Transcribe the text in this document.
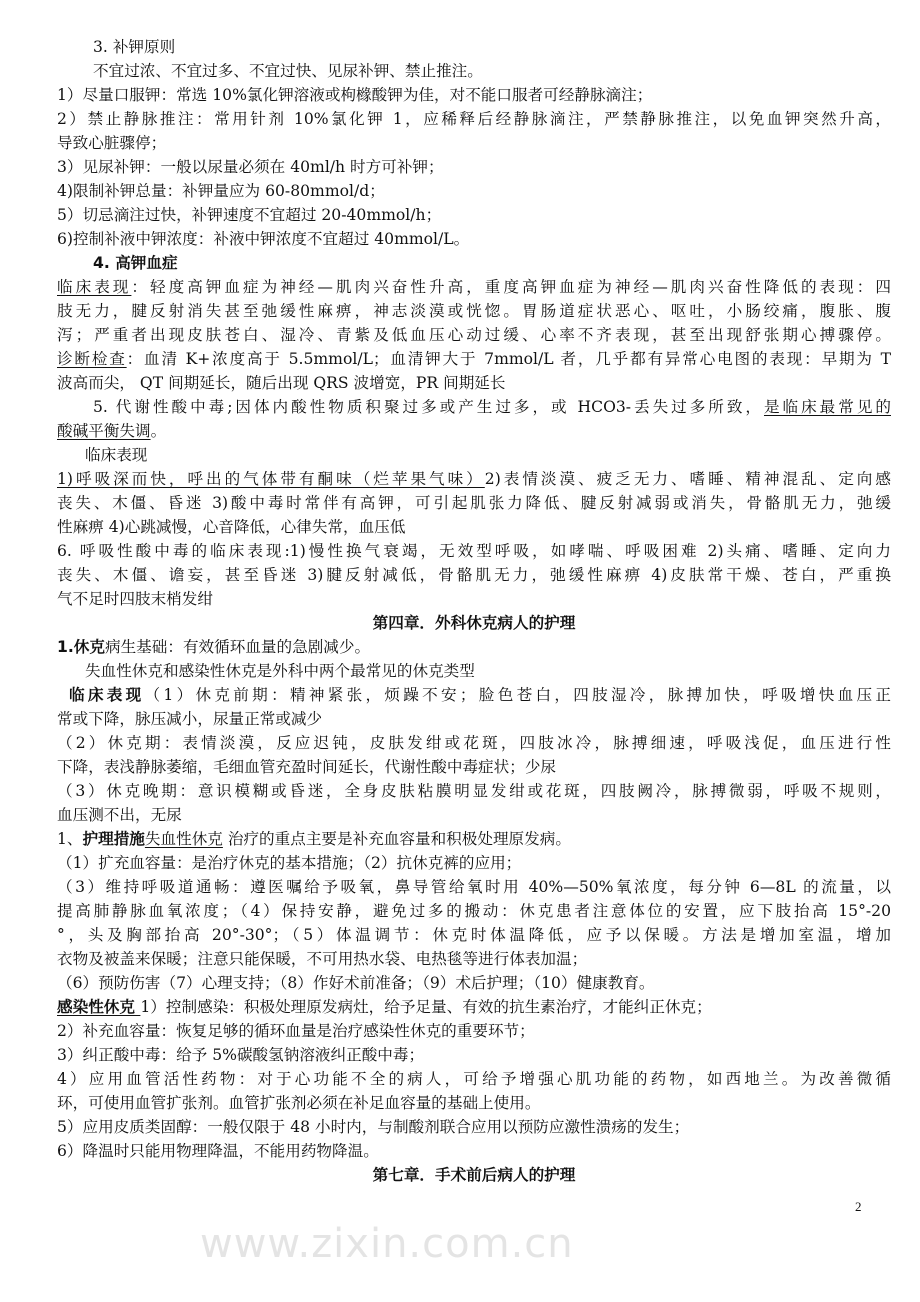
3. 补钾原则
不宜过浓、不宜过多、不宜过快、见尿补钾、禁止推注。
1）尽量口服钾：常选 10%氯化钾溶液或枸橼酸钾为佳，对不能口服者可经静脉滴注；
2）禁止静脉推注：常用针剂 10%氯化钾 1，应稀释后经静脉滴注，严禁静脉推注，以免血钾突然升高，
导致心脏骤停；
3）见尿补钾：一般以尿量必须在 40ml/h 时方可补钾；
4)限制补钾总量：补钾量应为 60-80mmol/d；
5）切忌滴注过快，补钾速度不宜超过 20-40mmol/h；
6)控制补液中钾浓度：补液中钾浓度不宜超过 40mmol/L。
4. 高钾血症
临床表现：轻度高钾血症为神经—肌肉兴奋性升高，重度高钾血症为神经—肌肉兴奋性降低的表现：四
肢无力，腱反射消失甚至弛缓性麻痹，神志淡漠或恍惚。胃肠道症状恶心、呕吐，小肠绞痛，腹胀、腹
泻；严重者出现皮肤苍白、湿冷、青紫及低血压心动过缓、心率不齐表现，甚至出现舒张期心搏骤停。
诊断检查：血清 K+浓度高于 5.5mmol/L；血清钾大于 7mmol/L 者，几乎都有异常心电图的表现：早期为 T
波高而尖， QT 间期延长，随后出现 QRS 波增宽，PR 间期延长
5. 代谢性酸中毒;因体内酸性物质积聚过多或产生过多，或 HCO3-丢失过多所致，是临床最常见的
酸碱平衡失调。
临床表现
1)呼吸深而快，呼出的气体带有酮味（烂苹果气味）2)表情淡漠、疲乏无力、嗜睡、精神混乱、定向感
丧失、木僵、昏迷 3)酸中毒时常伴有高钾，可引起肌张力降低、腱反射减弱或消失，骨骼肌无力，弛缓
性麻痹 4)心跳减慢，心音降低，心律失常，血压低
6. 呼吸性酸中毒的临床表现:1)慢性换气衰竭，无效型呼吸，如哮喘、呼吸困难 2)头痛、嗜睡、定向力
丧失、木僵、谵妄，甚至昏迷 3)腱反射减低，骨骼肌无力，弛缓性麻痹 4)皮肤常干燥、苍白，严重换
气不足时四肢末梢发绀
第四章．外科休克病人的护理
1.休克病生基础：有效循环血量的急剧减少。
失血性休克和感染性休克是外科中两个最常见的休克类型
临床表现（1）休克前期：精神紧张，烦躁不安；脸色苍白，四肢湿冷，脉搏加快，呼吸增快血压正
常或下降，脉压减小，尿量正常或减少
（2）休克期：表情淡漠，反应迟钝，皮肤发绀或花斑，四肢冰冷，脉搏细速，呼吸浅促，血压进行性
下降，表浅静脉萎缩，毛细血管充盈时间延长，代谢性酸中毒症状；少尿
（3）休克晚期：意识模糊或昏迷，全身皮肤粘膜明显发绀或花斑，四肢阙冷，脉搏微弱，呼吸不规则，
血压测不出，无尿
1、护理措施失血性休克 治疗的重点主要是补充血容量和积极处理原发病。
（1）扩充血容量：是治疗休克的基本措施；（2）抗休克裤的应用；
（3）维持呼吸道通畅：遵医嘱给予吸氧，鼻导管给氧时用 40%—50%氧浓度，每分钟 6—8L 的流量，以
提高肺静脉血氧浓度；（4）保持安静，避免过多的搬动：休克患者注意体位的安置，应下肢抬高 15°-20
°，头及胸部抬高 20°-30°；（5）体温调节：休克时体温降低，应予以保暖。方法是增加室温，增加
衣物及被盖来保暖；注意只能保暖，不可用热水袋、电热毯等进行体表加温；
（6）预防伤害（7）心理支持；（8）作好术前准备；（9）术后护理；（10）健康教育。
感染性休克 1）控制感染：积极处理原发病灶，给予足量、有效的抗生素治疗，才能纠正休克；
2）补充血容量：恢复足够的循环血量是治疗感染性休克的重要环节；
3）纠正酸中毒：给予 5%碳酸氢钠溶液纠正酸中毒；
4）应用血管活性药物：对于心功能不全的病人，可给予增强心肌功能的药物，如西地兰。为改善微循
环，可使用血管扩张剂。血管扩张剂必须在补足血容量的基础上使用。
5）应用皮质类固醇：一般仅限于 48 小时内，与制酸剂联合应用以预防应激性溃疡的发生；
6）降温时只能用物理降温，不能用药物降温。
第七章．手术前后病人的护理
2
www.zixin.com.cn
